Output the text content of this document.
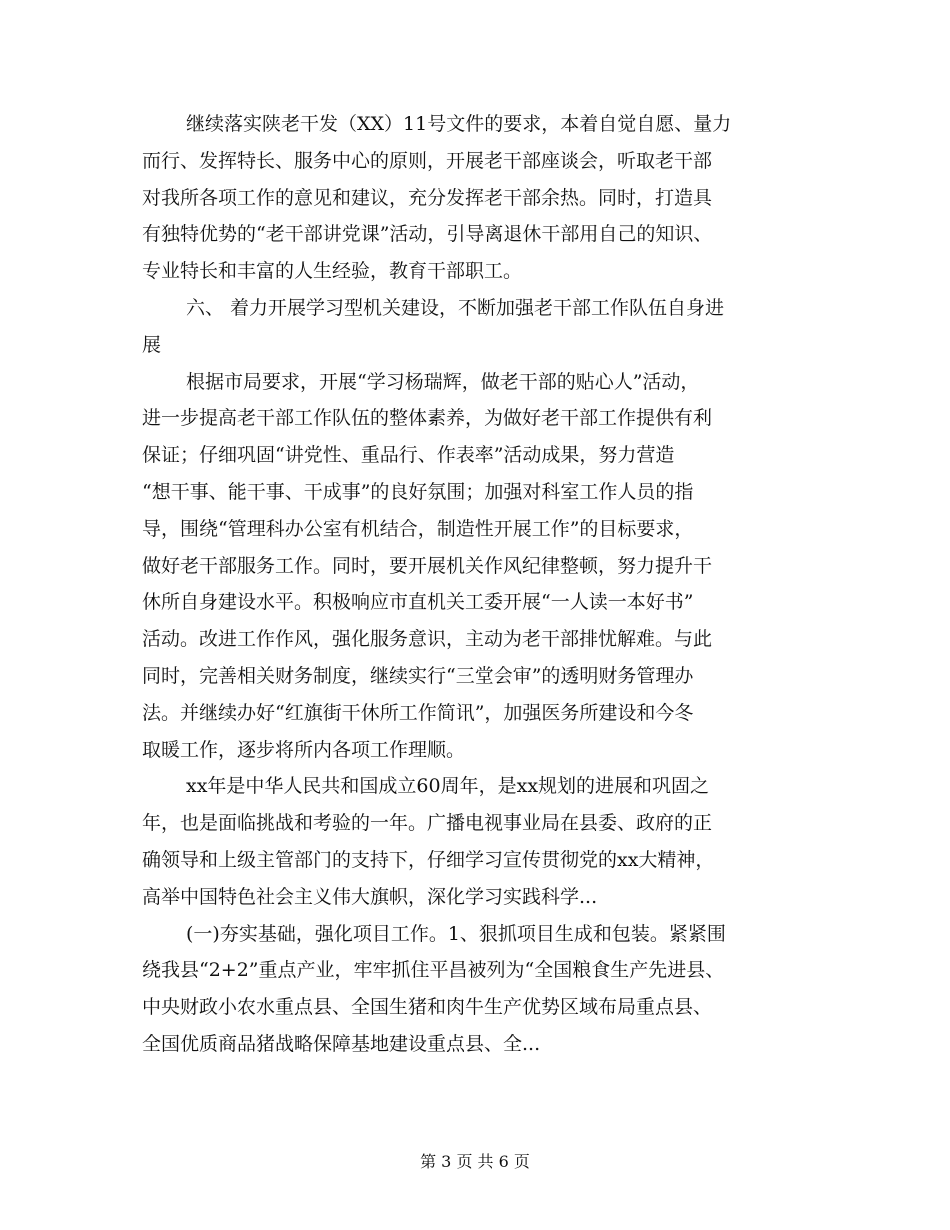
继续落实陕老干发（XX）11号文件的要求，本着自觉自愿、量力
而行、发挥特长、服务中心的原则，开展老干部座谈会，听取老干部
对我所各项工作的意见和建议，充分发挥老干部余热。同时，打造具
有独特优势的“老干部讲党课”活动，引导离退休干部用自己的知识、
专业特长和丰富的人生经验，教育干部职工。
六、 着力开展学习型机关建设，不断加强老干部工作队伍自身进
展
根据市局要求，开展“学习杨瑞辉，做老干部的贴心人”活动，
进一步提高老干部工作队伍的整体素养，为做好老干部工作提供有利
保证；仔细巩固“讲党性、重品行、作表率”活动成果，努力营造
“想干事、能干事、干成事”的良好氛围；加强对科室工作人员的指
导，围绕“管理科办公室有机结合，制造性开展工作”的目标要求，
做好老干部服务工作。同时，要开展机关作风纪律整顿，努力提升干
休所自身建设水平。积极响应市直机关工委开展“一人读一本好书”
活动。改进工作作风，强化服务意识，主动为老干部排忧解难。与此
同时，完善相关财务制度，继续实行“三堂会审”的透明财务管理办
法。并继续办好“红旗街干休所工作简讯”，加强医务所建设和今冬
取暖工作，逐步将所内各项工作理顺。
xx年是中华人民共和国成立60周年，是xx规划的进展和巩固之
年，也是面临挑战和考验的一年。广播电视事业局在县委、政府的正
确领导和上级主管部门的支持下，仔细学习宣传贯彻党的xx大精神，
高举中国特色社会主义伟大旗帜，深化学习实践科学...
(一)夯实基础，强化项目工作。1、狠抓项目生成和包装。紧紧围
绕我县“2+2”重点产业，牢牢抓住平昌被列为“全国粮食生产先进县、
中央财政小农水重点县、全国生猪和肉牛生产优势区域布局重点县、
全国优质商品猪战略保障基地建设重点县、全...
第 3 页 共 6 页
